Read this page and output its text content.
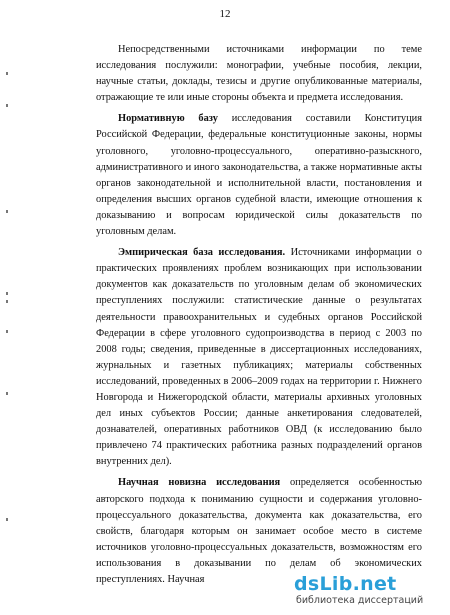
12

Непосредственными источниками информации по теме исследования послужили: монографии, учебные пособия, лекции, научные статьи, доклады, тезисы и другие опубликованные материалы, отражающие те или иные стороны объекта и предмета исследования.

Нормативную базу исследования составили Конституция Российской Федерации, федеральные конституционные законы, нормы уголовного, уголовно-процессуального, оперативно-разыскного, административного и иного законодательства, а также нормативные акты органов законодательной и исполнительной власти, постановления и определения высших органов судебной власти, имеющие отношения к доказыванию и вопросам юридической силы доказательств по уголовным делам.

Эмпирическая база исследования. Источниками информации о практических проявлениях проблем возникающих при использовании документов как доказательств по уголовным делам об экономических преступлениях послужили: статистические данные о результатах деятельности правоохранительных и судебных органов Российской Федерации в сфере уголовного судопроизводства в период с 2003 по 2008 годы; сведения, приведенные в диссертационных исследованиях, журнальных и газетных публикациях; материалы собственных исследований, проведенных в 2006–2009 годах на территории г. Нижнего Новгорода и Нижегородской области, материалы архивных уголовных дел иных субъектов России; данные анкетирования следователей, дознавателей, оперативных работников ОВД (к исследованию было привлечено 74 практических работника разных подразделений органов внутренних дел).

Научная новизна исследования определяется особенностью авторского подхода к пониманию сущности и содержания уголовно-процессуального доказательства, документа как доказательства, его свойств, благодаря которым он занимает особое место в системе источников уголовно-процессуальных доказательств, возможностям его использования в доказывании по делам об экономических преступлениях. Научная	dsLib.net
библиотека диссертаций
